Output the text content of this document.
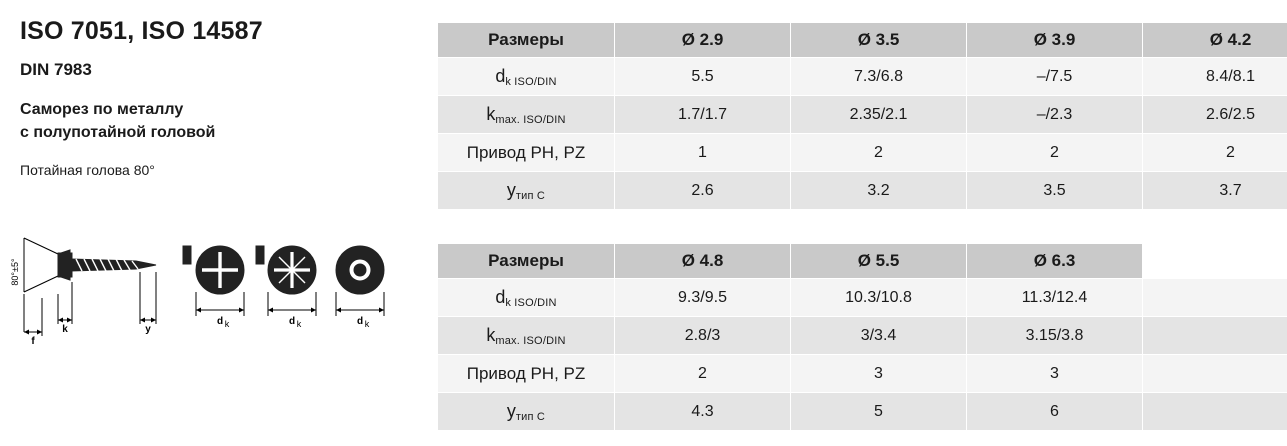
ISO 7051, ISO 14587
DIN 7983
Саморез по металлу
с полупотайной головой
Потайная голова 80°
80°±5°
k	y
f
d k	d k	d k
Размеры	Ø 2.9	Ø 3.5	Ø 3.9	Ø 4.2
dk ISO/DIN	5.5	7.3/6.8	–/7.5	8.4/8.1
kmax. ISO/DIN	1.7/1.7	2.35/2.1	–/2.3	2.6/2.5
Привод PH, PZ	1	2	2	2
yтип C	2.6	3.2	3.5	3.7
Размеры	Ø 4.8	Ø 5.5	Ø 6.3	
dk ISO/DIN	9.3/9.5	10.3/10.8	11.3/12.4	
kmax. ISO/DIN	2.8/3	3/3.4	3.15/3.8	
Привод PH, PZ	2	3	3	
yтип C	4.3	5	6	
